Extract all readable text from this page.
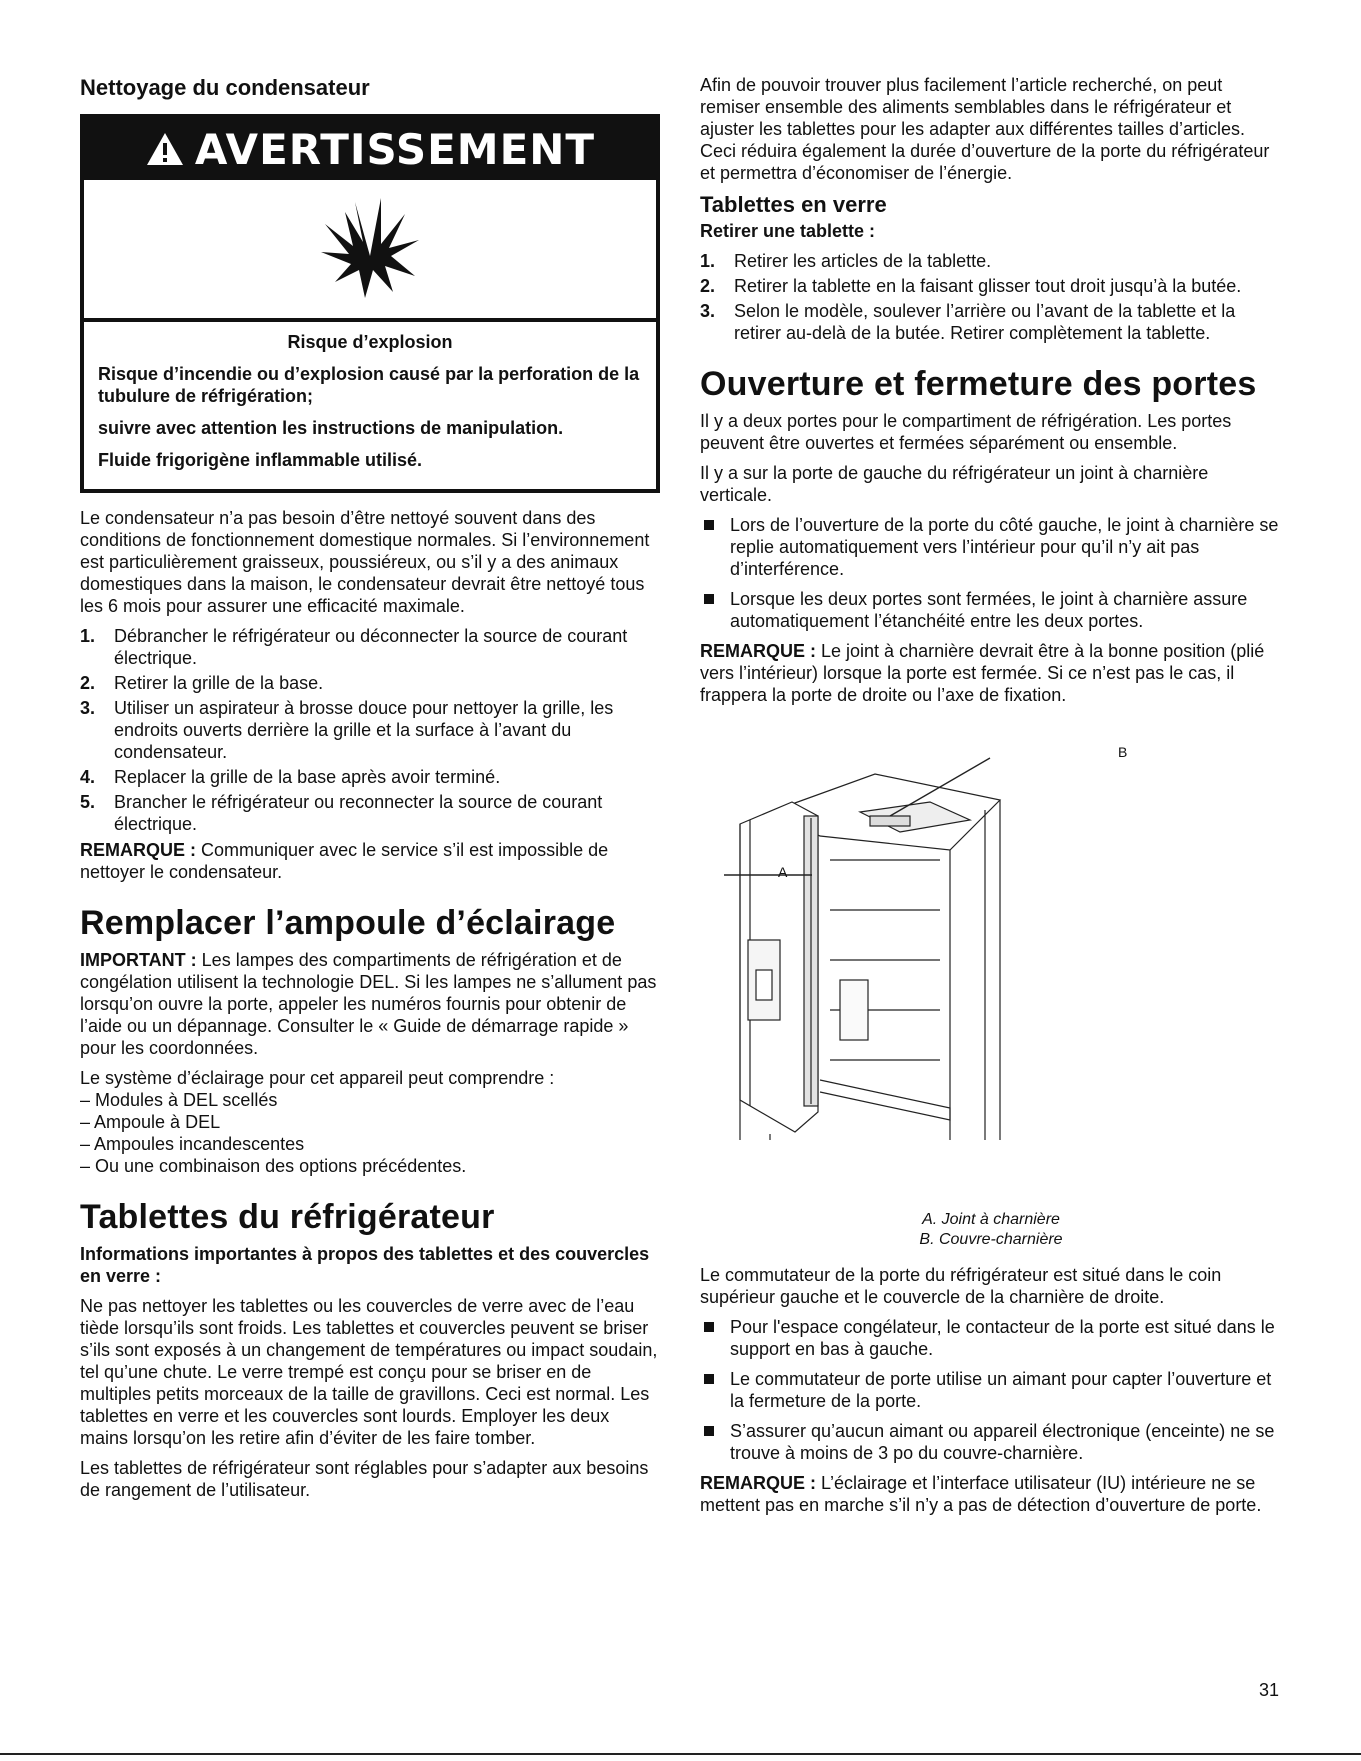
Nettoyage du condensateur
AVERTISSEMENT
Risque d’explosion

Risque d’incendie ou d’explosion causé par la perforation de la tubulure de réfrigération;

suivre avec attention les instructions de manipulation.

Fluide frigorigène inflammable utilisé.

Le condensateur n’a pas besoin d’être nettoyé souvent dans des conditions de fonctionnement domestique normales. Si l’environnement est particulièrement graisseux, poussiéreux, ou s’il y a des animaux domestiques dans la maison, le condensateur devrait être nettoyé tous les 6 mois pour assurer une efficacité maximale.

1. Débrancher le réfrigérateur ou déconnecter la source de courant électrique.
2. Retirer la grille de la base.
3. Utiliser un aspirateur à brosse douce pour nettoyer la grille, les endroits ouverts derrière la grille et la surface à l’avant du condensateur.
4. Replacer la grille de la base après avoir terminé.
5. Brancher le réfrigérateur ou reconnecter la source de courant électrique.

REMARQUE : Communiquer avec le service s’il est impossible de nettoyer le condensateur.

Remplacer l’ampoule d’éclairage

IMPORTANT : Les lampes des compartiments de réfrigération et de congélation utilisent la technologie DEL. Si les lampes ne s’allument pas lorsqu’on ouvre la porte, appeler les numéros fournis pour obtenir de l’aide ou un dépannage. Consulter le « Guide de démarrage rapide » pour les coordonnées.

Le système d’éclairage pour cet appareil peut comprendre :

– Modules à DEL scellés

– Ampoule à DEL

– Ampoules incandescentes

– Ou une combinaison des options précédentes.

Tablettes du réfrigérateur
Informations importantes à propos des tablettes et des couvercles en verre :

Ne pas nettoyer les tablettes ou les couvercles de verre avec de l’eau tiède lorsqu’ils sont froids. Les tablettes et couvercles peuvent se briser s’ils sont exposés à un changement de températures ou impact soudain, tel qu’une chute. Le verre trempé est conçu pour se briser en de multiples petits morceaux de la taille de gravillons. Ceci est normal. Les tablettes en verre et les couvercles sont lourds. Employer les deux mains lorsqu’on les retire afin d’éviter de les faire tomber.

Les tablettes de réfrigérateur sont réglables pour s’adapter aux besoins de rangement de l’utilisateur.

Afin de pouvoir trouver plus facilement l’article recherché, on peut remiser ensemble des aliments semblables dans le réfrigérateur et ajuster les tablettes pour les adapter aux différentes tailles d’articles. Ceci réduira également la durée d’ouverture de la porte du réfrigérateur et permettra d’économiser de l’énergie.

Tablettes en verre
Retirer une tablette :
1. Retirer les articles de la tablette.
2. Retirer la tablette en la faisant glisser tout droit jusqu’à la butée.
3. Selon le modèle, soulever l’arrière ou l’avant de la tablette et la retirer au-delà de la butée. Retirer complètement la tablette.
Ouverture et fermeture des portes

Il y a deux portes pour le compartiment de réfrigération. Les portes peuvent être ouvertes et fermées séparément ou ensemble.

Il y a sur la porte de gauche du réfrigérateur un joint à charnière verticale.

Lors de l’ouverture de la porte du côté gauche, le joint à charnière se replie automatiquement vers l’intérieur pour qu’il n’y ait pas d’interférence.
Lorsque les deux portes sont fermées, le joint à charnière assure automatiquement l’étanchéité entre les deux portes.

REMARQUE : Le joint à charnière devrait être à la bonne position (plié vers l’intérieur) lorsque la porte est fermée. Si ce n’est pas le cas, il frappera la porte de droite ou l’axe de fixation.

A
B

A. Joint à charnière
B. Couvre-charnière

Le commutateur de la porte du réfrigérateur est situé dans le coin supérieur gauche et le couvercle de la charnière de droite.

Pour l'espace congélateur, le contacteur de la porte est situé dans le support en bas à gauche.
Le commutateur de porte utilise un aimant pour capter l’ouverture et la fermeture de la porte.
S’assurer qu’aucun aimant ou appareil électronique (enceinte) ne se trouve à moins de 3 po du couvre-charnière.

REMARQUE : L’éclairage et l’interface utilisateur (IU) intérieure ne se mettent pas en marche s’il n’y a pas de détection d’ouverture de porte.

31
